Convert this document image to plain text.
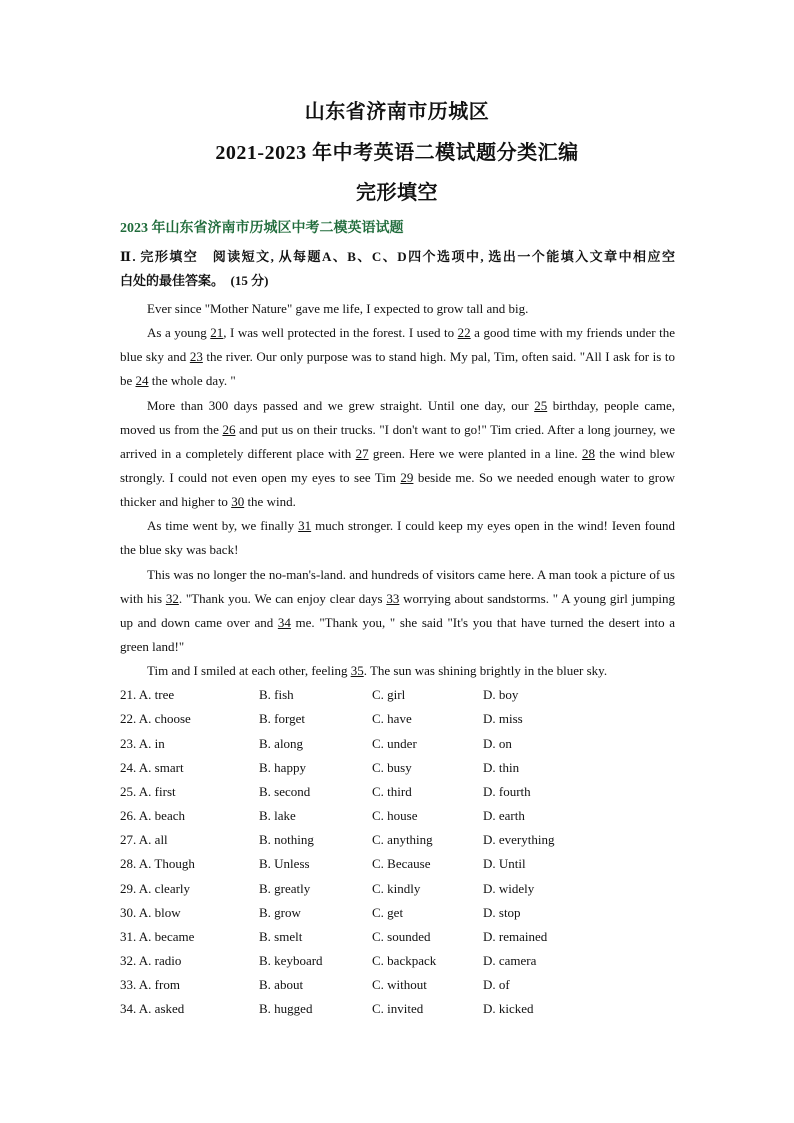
山东省济南市历城区
2021-2023 年中考英语二模试题分类汇编
完形填空
2023 年山东省济南市历城区中考二模英语试题
Ⅱ. 完形填空　阅读短文, 从每题A、B、C、D四个选项中, 选出一个能填入文章中相应空
白处的最佳答案。　(15 分)
Ever since "Mother Nature" gave me life, I expected to grow tall and big.
As a young 21, I was well protected in the forest. I used to 22 a good time with my friends under the blue sky and 23 the river. Our only purpose was to stand high. My pal, Tim, often said. "All I ask for is to be 24 the whole day. "
More than 300 days passed and we grew straight. Until one day, our 25 birthday, people came, moved us from the 26 and put us on their trucks. "I don't want to go!" Tim cried. After a long journey, we arrived in a completely different place with 27 green. Here we were planted in a line. 28 the wind blew strongly. I could not even open my eyes to see Tim 29 beside me. So we needed enough water to grow thicker and higher to 30 the wind.
As time went by, we finally 31 much stronger. I could keep my eyes open in the wind! Ieven found the blue sky was back!
This was no longer the no-man's-land. and hundreds of visitors came here. A man took a picture of us with his 32. "Thank you. We can enjoy clear days 33 worrying about sandstorms. " A young girl jumping up and down came over and 34 me. "Thank you, " she said "It's you that have turned the desert into a green land!"
Tim and I smiled at each other, feeling 35. The sun was shining brightly in the bluer sky.
21. A. tree	B. fish	C. girl	D. boy
22. A. choose	B. forget	C. have	D. miss
23. A. in	B. along	C. under	D. on
24. A. smart	B. happy	C. busy	D. thin
25. A. first	B. second	C. third	D. fourth
26. A. beach	B. lake	C. house	D. earth
27. A. all	B. nothing	C. anything	D. everything
28. A. Though	B. Unless	C. Because	D. Until
29. A. clearly	B. greatly	C. kindly	D. widely
30. A. blow	B. grow	C. get	D. stop
31. A. became	B. smelt	C. sounded	D. remained
32. A. radio	B. keyboard	C. backpack	D. camera
33. A. from	B. about	C. without	D. of
34. A. asked	B. hugged	C. invited	D. kicked
